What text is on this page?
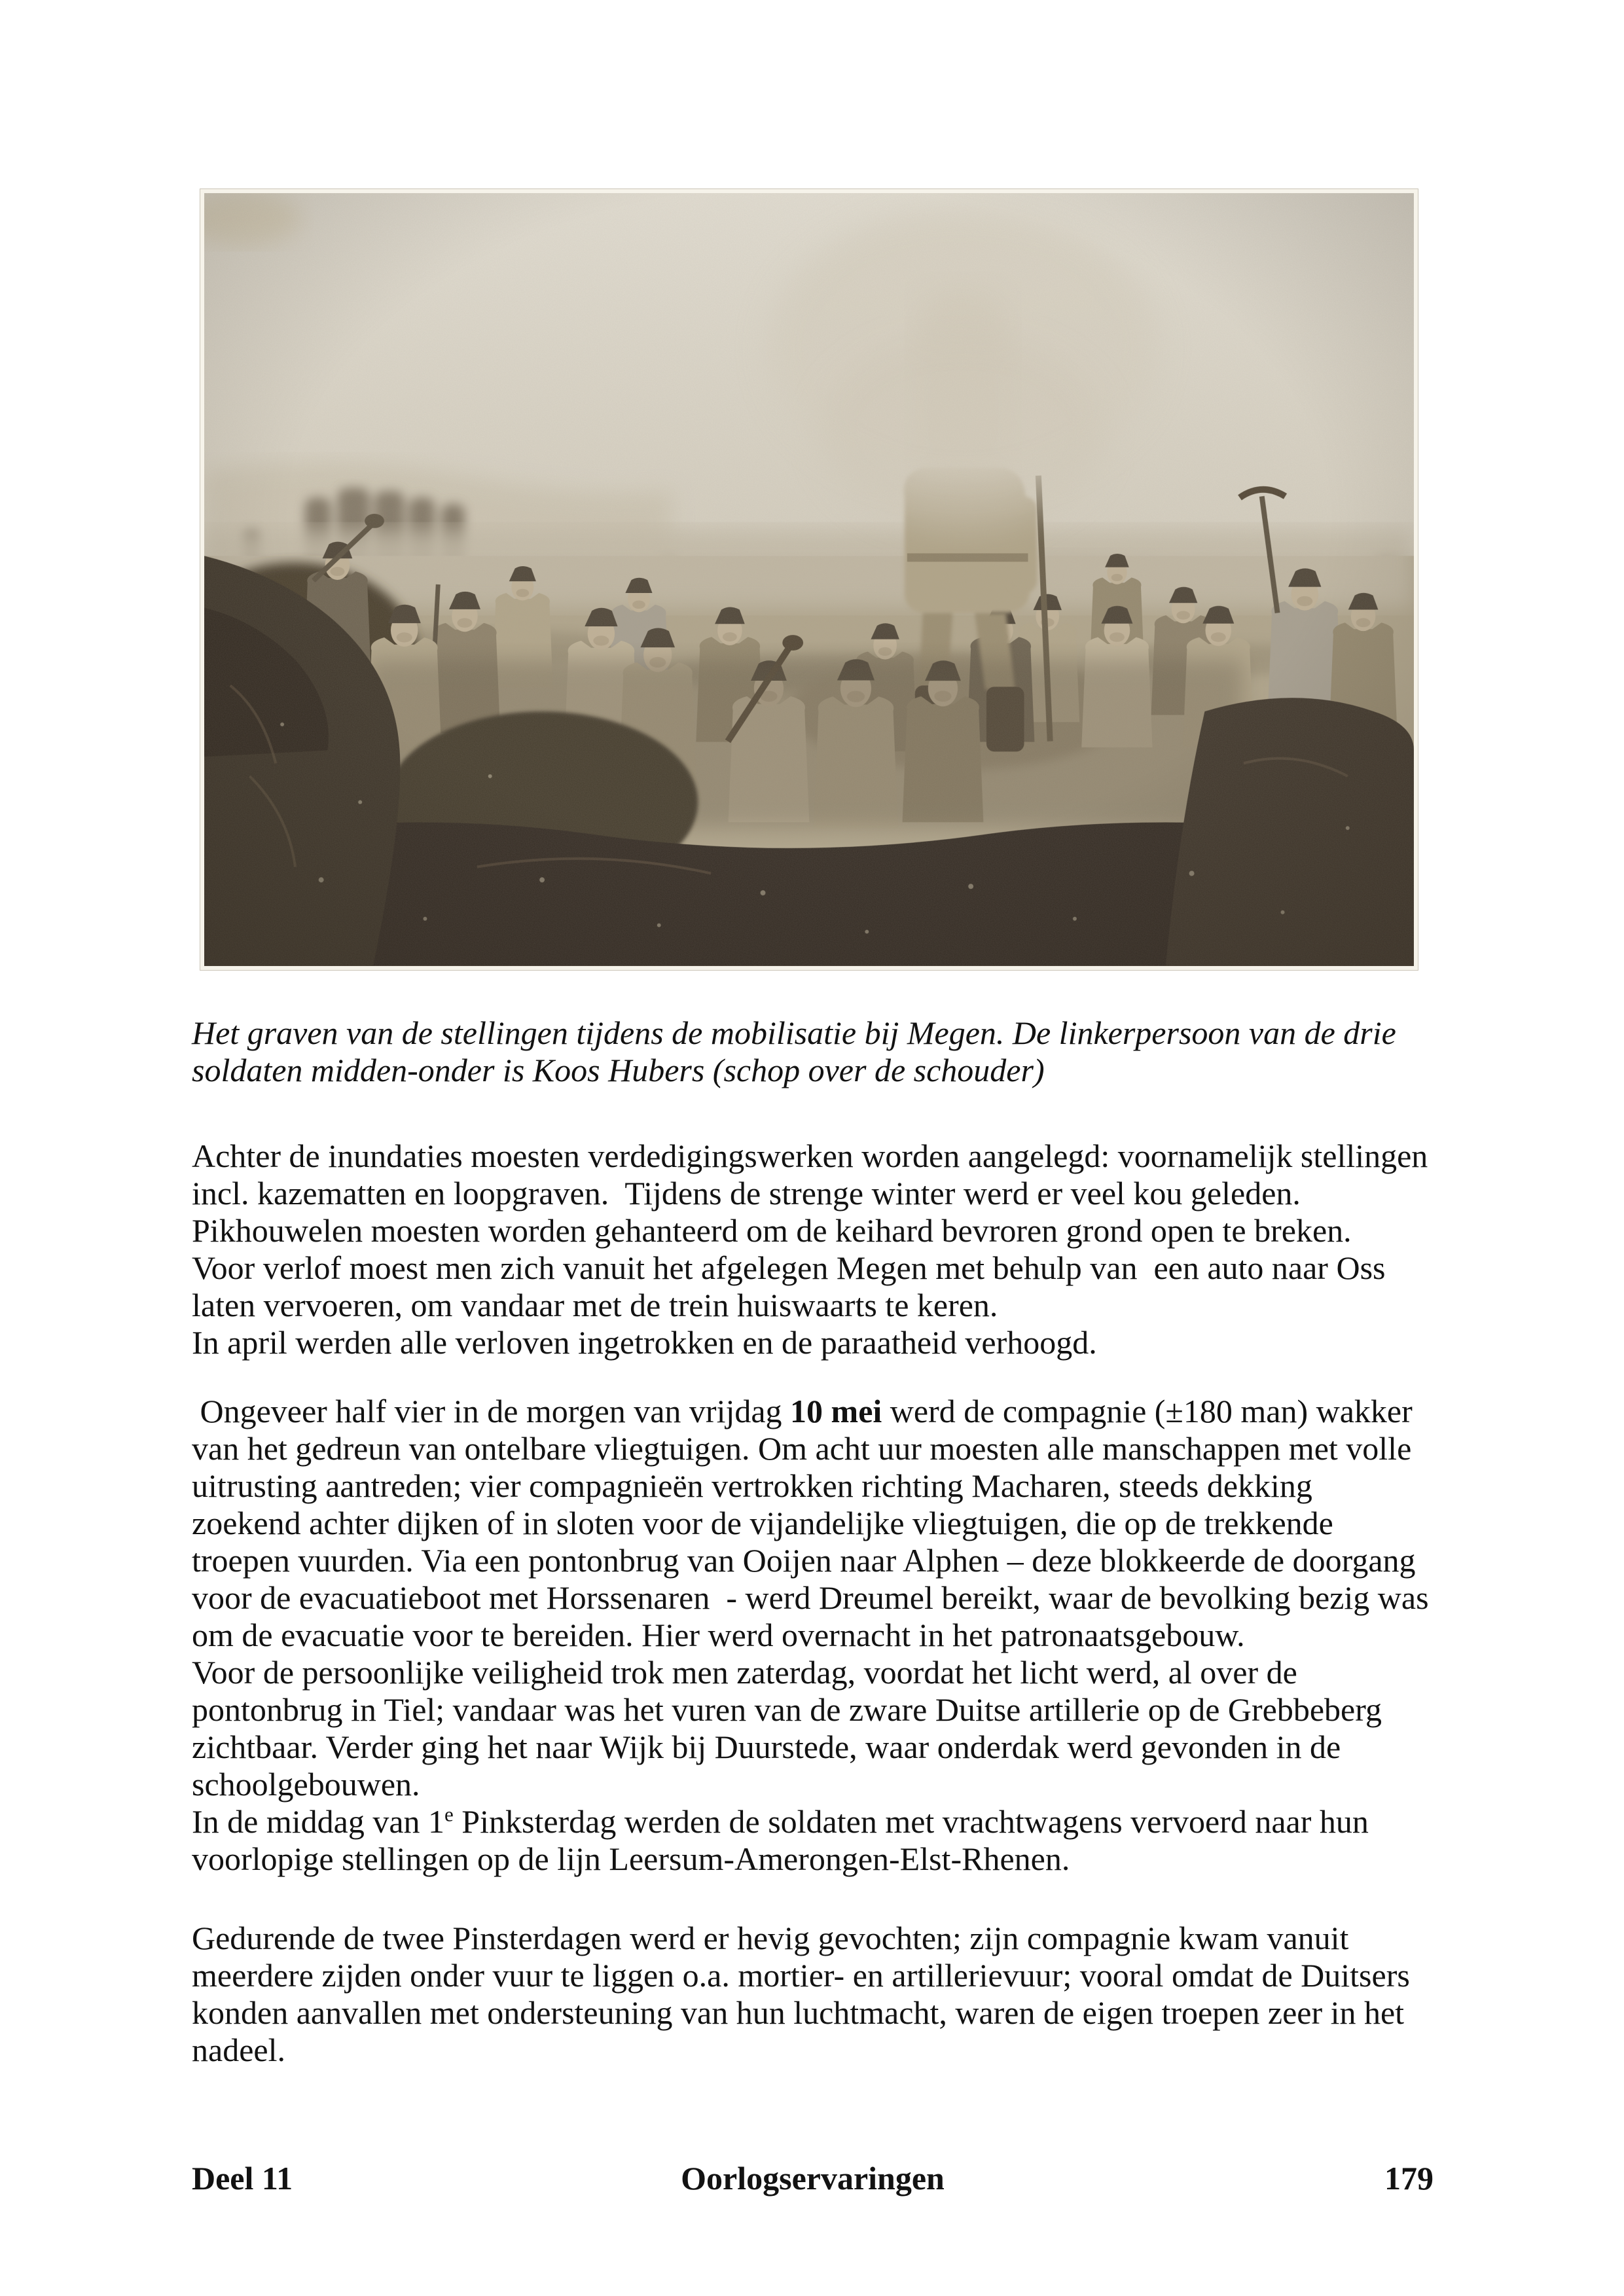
Het graven van de stellingen tijdens de mobilisatie bij Megen. De linkerpersoon van de drie
soldaten midden-onder is Koos Hubers (schop over de schouder)
Achter de inundaties moesten verdedigingswerken worden aangelegd: voornamelijk stellingen
incl. kazematten en loopgraven.  Tijdens de strenge winter werd er veel kou geleden.
Pikhouwelen moesten worden gehanteerd om de keihard bevroren grond open te breken.
Voor verlof moest men zich vanuit het afgelegen Megen met behulp van  een auto naar Oss
laten vervoeren, om vandaar met de trein huiswaarts te keren.
In april werden alle verloven ingetrokken en de paraatheid verhoogd.
Ongeveer half vier in de morgen van vrijdag 10 mei werd de compagnie (±180 man) wakker
van het gedreun van ontelbare vliegtuigen. Om acht uur moesten alle manschappen met volle
uitrusting aantreden; vier compagnieën vertrokken richting Macharen, steeds dekking
zoekend achter dijken of in sloten voor de vijandelijke vliegtuigen, die op de trekkende
troepen vuurden. Via een pontonbrug van Ooijen naar Alphen – deze blokkeerde de doorgang
voor de evacuatieboot met Horssenaren  - werd Dreumel bereikt, waar de bevolking bezig was
om de evacuatie voor te bereiden. Hier werd overnacht in het patronaatsgebouw.
Voor de persoonlijke veiligheid trok men zaterdag, voordat het licht werd, al over de
pontonbrug in Tiel; vandaar was het vuren van de zware Duitse artillerie op de Grebbeberg
zichtbaar. Verder ging het naar Wijk bij Duurstede, waar onderdak werd gevonden in de
schoolgebouwen.
In de middag van 1e Pinksterdag werden de soldaten met vrachtwagens vervoerd naar hun
voorlopige stellingen op de lijn Leersum-Amerongen-Elst-Rhenen.
Gedurende de twee Pinsterdagen werd er hevig gevochten; zijn compagnie kwam vanuit
meerdere zijden onder vuur te liggen o.a. mortier- en artillerievuur; vooral omdat de Duitsers
konden aanvallen met ondersteuning van hun luchtmacht, waren de eigen troepen zeer in het
nadeel.
Deel 11	Oorlogservaringen	179
